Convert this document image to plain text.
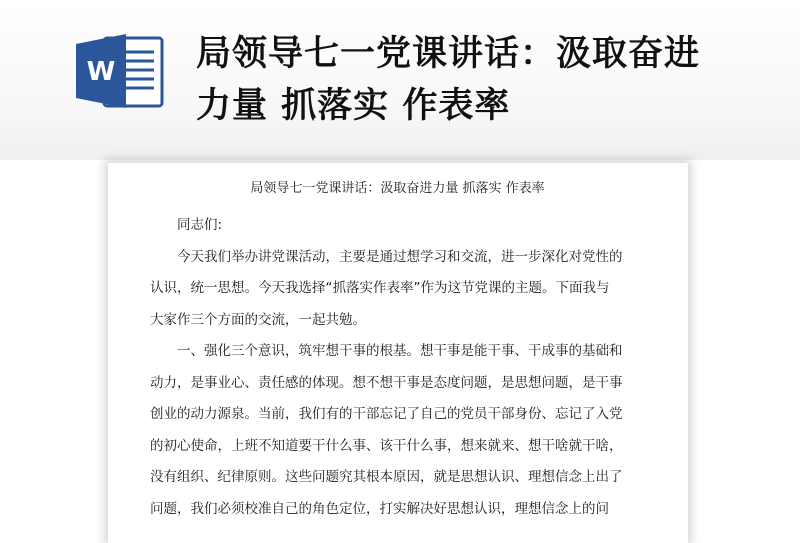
W 局领导七一党课讲话：汲取奋进
力量 抓落实 作表率
局领导七一党课讲话：汲取奋进力量 抓落实 作表率
同志们:
今天我们举办讲党课活动，主要是通过想学习和交流，进一步深化对党性的
认识，统一思想。今天我选择“抓落实作表率”作为这节党课的主题。下面我与
大家作三个方面的交流，一起共勉。
一、强化三个意识，筑牢想干事的根基。想干事是能干事、干成事的基础和
动力，是事业心、责任感的体现。想不想干事是态度问题，是思想问题，是干事
创业的动力源泉。当前，我们有的干部忘记了自己的党员干部身份、忘记了入党
的初心使命，上班不知道要干什么事、该干什么事，想来就来、想干啥就干啥，
没有组织、纪律原则。这些问题究其根本原因，就是思想认识、理想信念上出了
问题，我们必须校准自己的角色定位，打实解决好思想认识，理想信念上的问
